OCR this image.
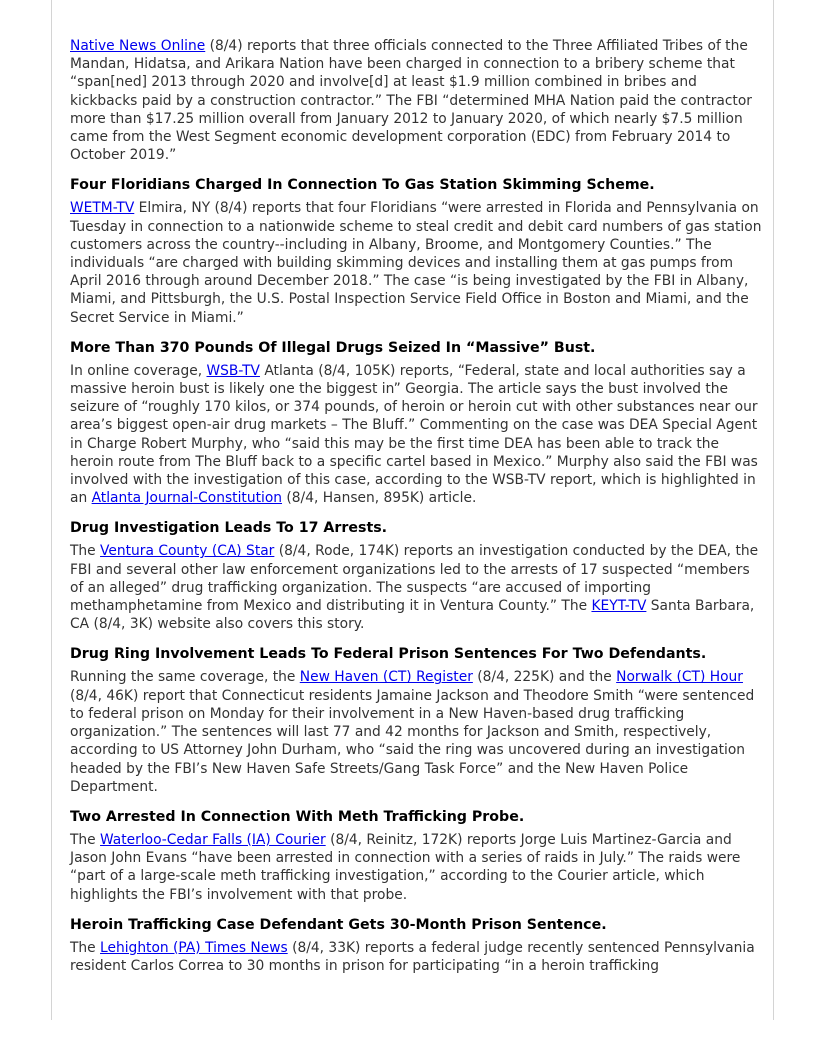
Native News Online (8/4) reports that three officials connected to the Three Affiliated Tribes of the Mandan, Hidatsa, and Arikara Nation have been charged in connection to a bribery scheme that “span[ned] 2013 through 2020 and involve[d] at least $1.9 million combined in bribes and kickbacks paid by a construction contractor.” The FBI “determined MHA Nation paid the contractor more than $17.25 million overall from January 2012 to January 2020, of which nearly $7.5 million came from the West Segment economic development corporation (EDC) from February 2014 to October 2019.”

Four Floridians Charged In Connection To Gas Station Skimming Scheme.

WETM-TV Elmira, NY (8/4) reports that four Floridians “were arrested in Florida and Pennsylvania on Tuesday in connection to a nationwide scheme to steal credit and debit card numbers of gas station customers across the country--including in Albany, Broome, and Montgomery Counties.” The individuals “are charged with building skimming devices and installing them at gas pumps from April 2016 through around December 2018.” The case “is being investigated by the FBI in Albany, Miami, and Pittsburgh, the U.S. Postal Inspection Service Field Office in Boston and Miami, and the Secret Service in Miami.”

More Than 370 Pounds Of Illegal Drugs Seized In “Massive” Bust.

In online coverage, WSB-TV Atlanta (8/4, 105K) reports, “Federal, state and local authorities say a massive heroin bust is likely one the biggest in” Georgia. The article says the bust involved the seizure of “roughly 170 kilos, or 374 pounds, of heroin or heroin cut with other substances near our area’s biggest open-air drug markets – The Bluff.” Commenting on the case was DEA Special Agent in Charge Robert Murphy, who “said this may be the first time DEA has been able to track the heroin route from The Bluff back to a specific cartel based in Mexico.” Murphy also said the FBI was involved with the investigation of this case, according to the WSB-TV report, which is highlighted in an Atlanta Journal-Constitution (8/4, Hansen, 895K) article.

Drug Investigation Leads To 17 Arrests.

The Ventura County (CA) Star (8/4, Rode, 174K) reports an investigation conducted by the DEA, the FBI and several other law enforcement organizations led to the arrests of 17 suspected “members of an alleged” drug trafficking organization. The suspects “are accused of importing methamphetamine from Mexico and distributing it in Ventura County.” The KEYT-TV Santa Barbara, CA (8/4, 3K) website also covers this story.

Drug Ring Involvement Leads To Federal Prison Sentences For Two Defendants.

Running the same coverage, the New Haven (CT) Register (8/4, 225K) and the Norwalk (CT) Hour (8/4, 46K) report that Connecticut residents Jamaine Jackson and Theodore Smith “were sentenced to federal prison on Monday for their involvement in a New Haven-based drug trafficking organization.” The sentences will last 77 and 42 months for Jackson and Smith, respectively, according to US Attorney John Durham, who “said the ring was uncovered during an investigation headed by the FBI’s New Haven Safe Streets/Gang Task Force” and the New Haven Police Department.

Two Arrested In Connection With Meth Trafficking Probe.

The Waterloo-Cedar Falls (IA) Courier (8/4, Reinitz, 172K) reports Jorge Luis Martinez-Garcia and Jason John Evans “have been arrested in connection with a series of raids in July.” The raids were “part of a large-scale meth trafficking investigation,” according to the Courier article, which highlights the FBI’s involvement with that probe.

Heroin Trafficking Case Defendant Gets 30-Month Prison Sentence.

The Lehighton (PA) Times News (8/4, 33K) reports a federal judge recently sentenced Pennsylvania resident Carlos Correa to 30 months in prison for participating “in a heroin trafficking
